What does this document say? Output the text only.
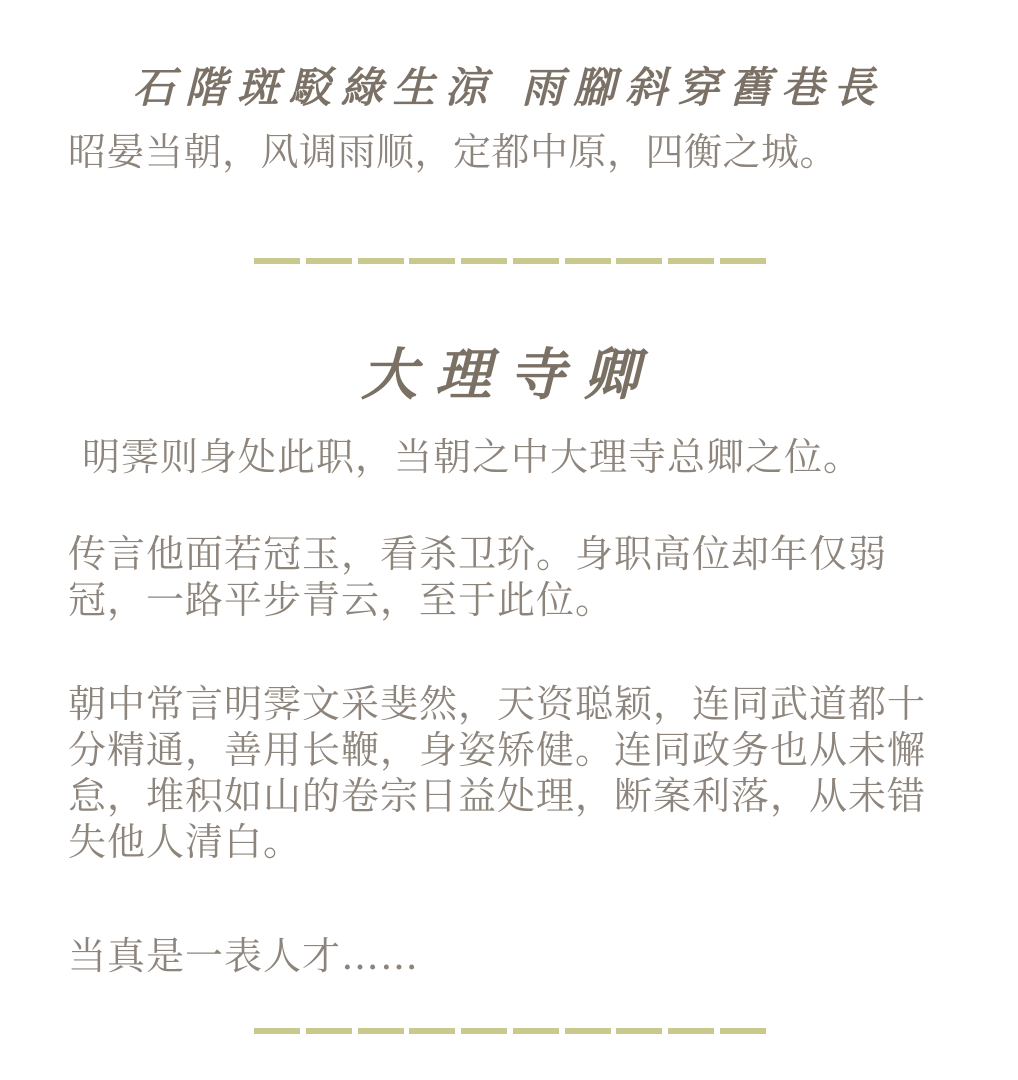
石階斑駁綠生涼 雨腳斜穿舊巷長
昭晏当朝，风调雨顺，定都中原，四衡之城。
大理寺卿
明霁则身处此职，当朝之中大理寺总卿之位。
传言他面若冠玉，看杀卫玠。身职高位却年仅弱冠，一路平步青云，至于此位。
朝中常言明霁文采斐然，天资聪颖，连同武道都十分精通，善用长鞭，身姿矫健。连同政务也从未懈怠，堆积如山的卷宗日益处理，断案利落，从未错失他人清白。
当真是一表人才……
